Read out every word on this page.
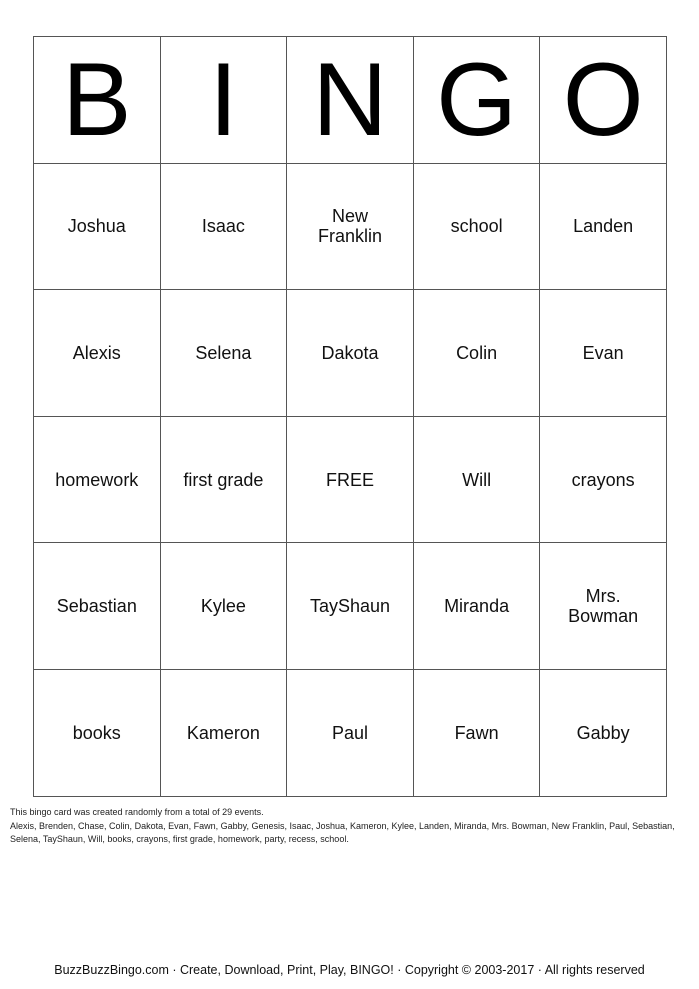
B	I	N	G	O
Joshua	Isaac	New Franklin	school	Landen
Alexis	Selena	Dakota	Colin	Evan
homework	first grade	FREE	Will	crayons
Sebastian	Kylee	TayShaun	Miranda	Mrs. Bowman
books	Kameron	Paul	Fawn	Gabby
This bingo card was created randomly from a total of 29 events.
Alexis, Brenden, Chase, Colin, Dakota, Evan, Fawn, Gabby, Genesis, Isaac, Joshua, Kameron, Kylee, Landen, Miranda, Mrs. Bowman, New Franklin, Paul, Sebastian, Selena, TayShaun, Will, books, crayons, first grade, homework, party, recess, school.
BuzzBuzzBingo.com · Create, Download, Print, Play, BINGO! · Copyright © 2003-2017 · All rights reserved
